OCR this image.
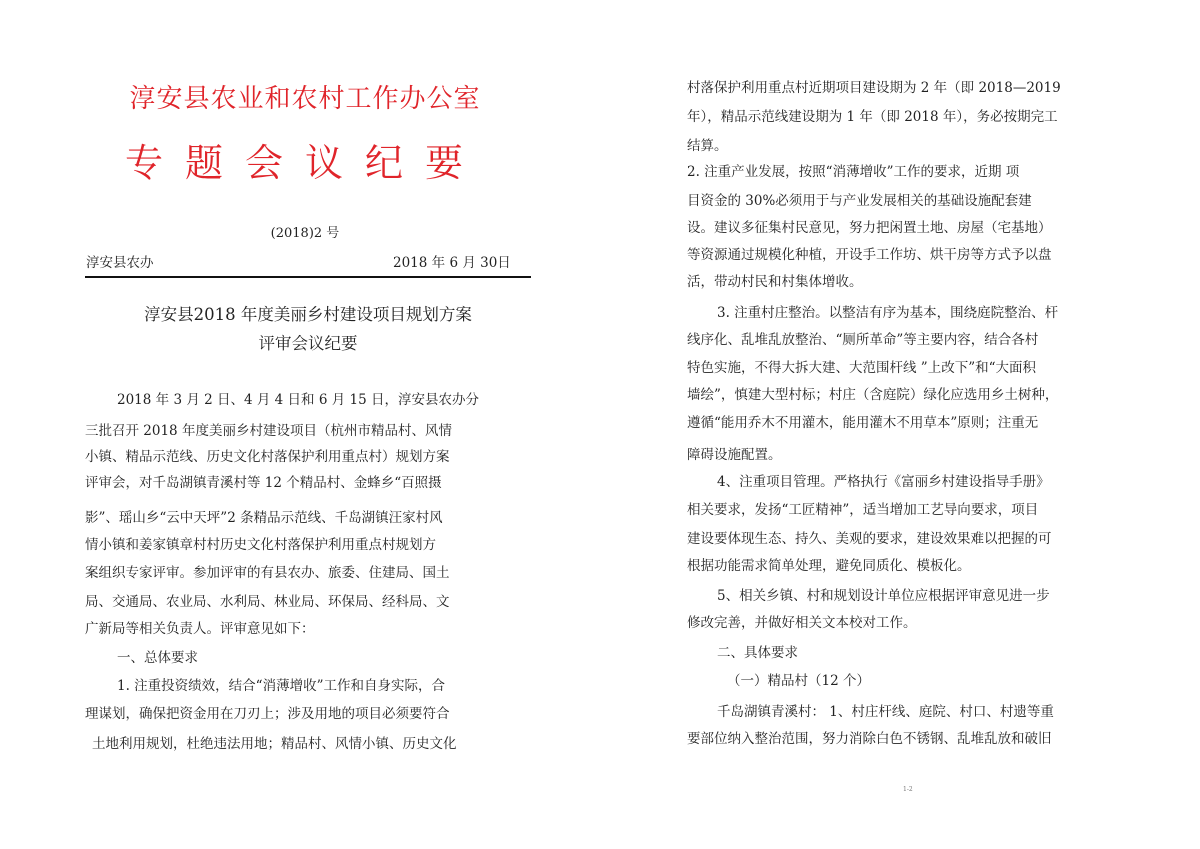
淳安县农业和农村工作办公室
专题会议纪要
(2018)2 号
淳安县农办	2018 年 6 月 30日
淳安县2018 年度美丽乡村建设项目规划方案
评审会议纪要
2018 年 3 月 2 日、4 月 4 日和 6 月 15 日，淳安县农办分
三批召开 2018 年度美丽乡村建设项目（杭州市精品村、风情
小镇、精品示范线、历史文化村落保护利用重点村）规划方案
评审会，对千岛湖镇青溪村等 12 个精品村、金蜂乡“百照摄
影”、瑶山乡“云中天坪”2 条精品示范线、千岛湖镇汪家村风
情小镇和姜家镇章村村历史文化村落保护利用重点村规划方
案组织专家评审。参加评审的有县农办、旅委、住建局、国土
局、交通局、农业局、水利局、林业局、环保局、经科局、文
广新局等相关负责人。评审意见如下：
一、总体要求
1. 注重投资绩效，结合“消薄增收”工作和自身实际，合
理谋划，确保把资金用在刀刃上；涉及用地的项目必须要符合
土地利用规划，杜绝违法用地；精品村、风情小镇、历史文化
村落保护利用重点村近期项目建设期为 2 年（即 2018—2019
年），精品示范线建设期为 1 年（即 2018 年），务必按期完工
结算。
2. 注重产业发展，按照“消薄增收”工作的要求，近期 项
目资金的 30%必须用于与产业发展相关的基础设施配套建
设。建议多征集村民意见，努力把闲置土地、房屋（宅基地）
等资源通过规模化种植，开设手工作坊、烘干房等方式予以盘
活，带动村民和村集体增收。
3. 注重村庄整治。以整洁有序为基本，围绕庭院整治、杆
线序化、乱堆乱放整治、“厕所革命”等主要内容，结合各村
特色实施，不得大拆大建、大范围杆线 ”上改下”和“大面积
墙绘”，慎建大型村标；村庄（含庭院）绿化应选用乡土树种，
遵循“能用乔木不用灌木，能用灌木不用草本”原则；注重无
障碍设施配置。
4、注重项目管理。严格执行《富丽乡村建设指导手册》
相关要求，发扬“工匠精神”，适当增加工艺导向要求，项目
建设要体现生态、持久、美观的要求，建设效果难以把握的可
根据功能需求简单处理，避免同质化、模板化。
5、相关乡镇、村和规划设计单位应根据评审意见进一步
修改完善，并做好相关文本校对工作。
二、具体要求
（一）精品村（12 个）
千岛湖镇青溪村： 1、村庄杆线、庭院、村口、村遗等重
要部位纳入整治范围，努力消除白色不锈钢、乱堆乱放和破旧
1-2
